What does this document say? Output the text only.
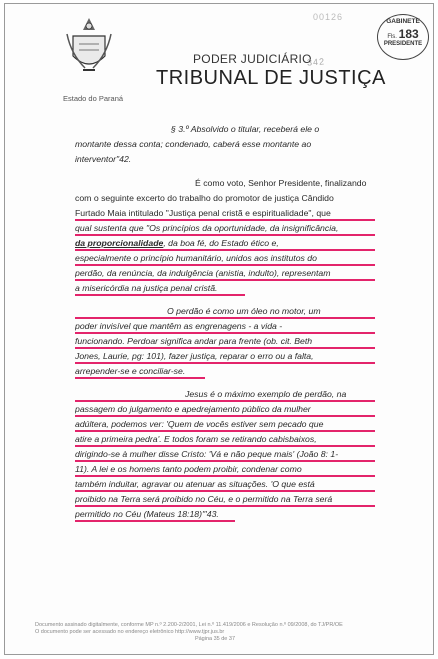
Estado do Paraná
00126
PODER JUDICIÁRIO
TRIBUNAL DE JUSTIÇA
342
GABINETE
Fls. 183
PRESIDENTE
§ 3.º Absolvido o titular, receberá ele o
montante dessa conta; condenado, caberá esse montante ao
interventor"42.
É como voto, Senhor Presidente, finalizando
com o seguinte excerto do trabalho do promotor de justiça Cândido
Furtado Maia intitulado "Justiça penal cristã e espiritualidade", que
qual sustenta que "Os princípios da oportunidade, da insignificância,
da proporcionalidade, da boa fé, do Estado ético e,
especialmente o princípio humanitário, unidos aos institutos do
perdão, da renúncia, da indulgência (anistia, indulto), representam
a misericórdia na justiça penal cristã.
O perdão é como um óleo no motor, um
poder invisível que mantêm as engrenagens - a vida -
funcionando. Perdoar significa andar para frente (ob. cit. Beth
Jones, Laurie, pg: 101), fazer justiça, reparar o erro ou a falta,
arrepender-se e conciliar-se.
Jesus é o máximo exemplo de perdão, na
passagem do julgamento e apedrejamento público da mulher
adúltera, podemos ver: 'Quem de vocês estiver sem pecado que
atire a primeira pedra'. E todos foram se retirando cabisbaixos,
dirigindo-se à mulher disse Cristo: 'Vá e não peque mais' (João 8: 1-
11). A lei e os homens tanto podem proibir, condenar como
também induitar, agravar ou atenuar as situações. 'O que está
proibido na Terra será proibido no Céu, e o permitido na Terra será
permitido no Céu (Mateus 18:18)'"43.
Documento assinado digitalmente, conforme MP n.º 2.200-2/2001, Lei n.º 11.419/2006 e Resolução n.º 09/2008, do TJ/PR/OE
O documento pode ser acessado no endereço eletrônico http://www.tjpr.jus.br
Página 35 de 37
